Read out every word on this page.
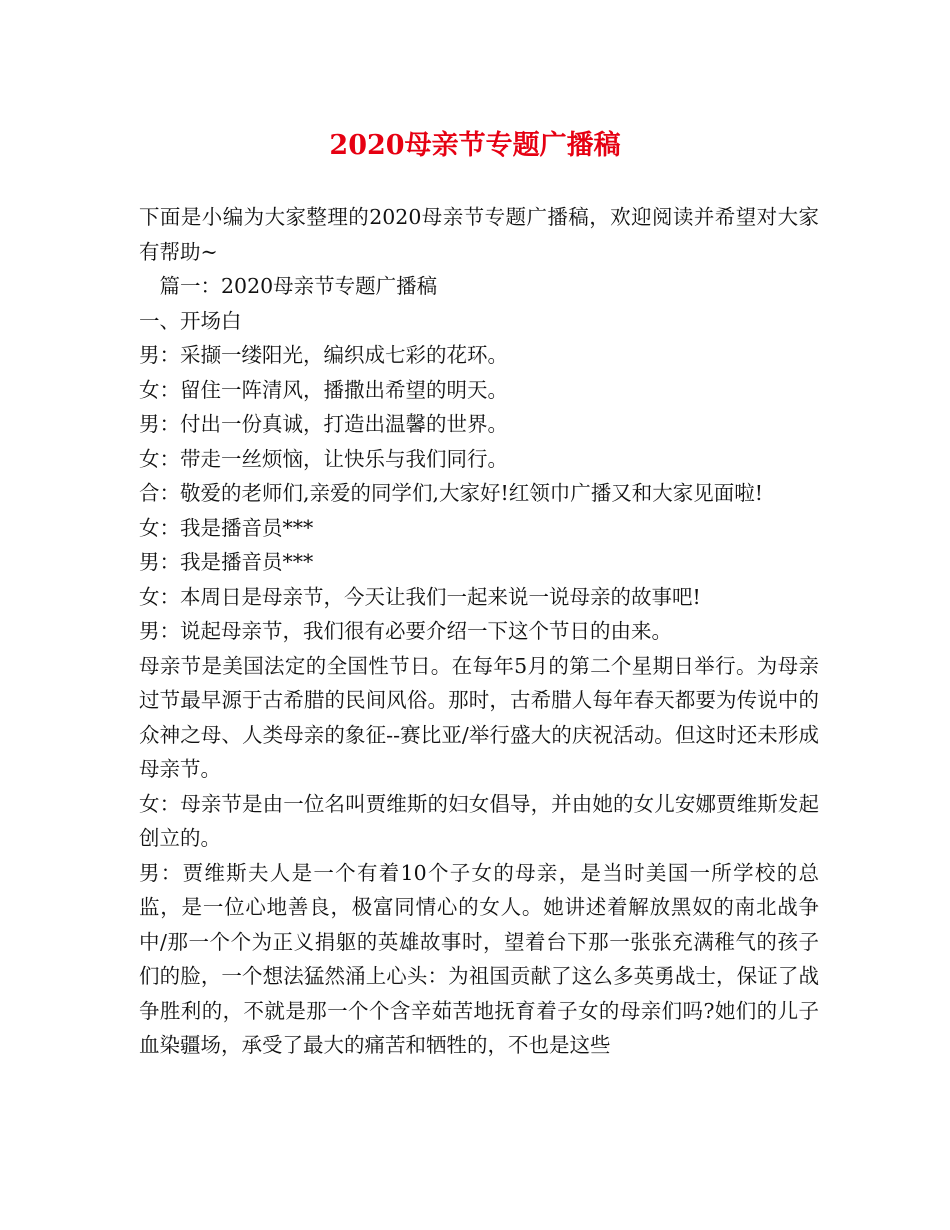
2020母亲节专题广播稿

下面是小编为大家整理的2020母亲节专题广播稿，欢迎阅读并希望对大家有帮助~

　篇一：2020母亲节专题广播稿

一、开场白

男：采撷一缕阳光，编织成七彩的花环。

女：留住一阵清风，播撒出希望的明天。

男：付出一份真诚，打造出温馨的世界。

女：带走一丝烦恼，让快乐与我们同行。

合：敬爱的老师们,亲爱的同学们,大家好!红领巾广播又和大家见面啦!

女：我是播音员***

男：我是播音员***

女：本周日是母亲节，今天让我们一起来说一说母亲的故事吧!

男：说起母亲节，我们很有必要介绍一下这个节日的由来。

母亲节是美国法定的全国性节日。在每年5月的第二个星期日举行。为母亲过节最早源于古希腊的民间风俗。那时，古希腊人每年春天都要为传说中的众神之母、人类母亲的象征--赛比亚/举行盛大的庆祝活动。但这时还未形成母亲节。

女：母亲节是由一位名叫贾维斯的妇女倡导，并由她的女儿安娜贾维斯发起创立的。

男：贾维斯夫人是一个有着10个子女的母亲，是当时美国一所学校的总监，是一位心地善良，极富同情心的女人。她讲述着解放黑奴的南北战争中/那一个个为正义捐躯的英雄故事时，望着台下那一张张充满稚气的孩子们的脸，一个想法猛然涌上心头：为祖国贡献了这么多英勇战士，保证了战争胜利的，不就是那一个个含辛茹苦地抚育着子女的母亲们吗?她们的儿子血染疆场，承受了最大的痛苦和牺牲的，不也是这些
